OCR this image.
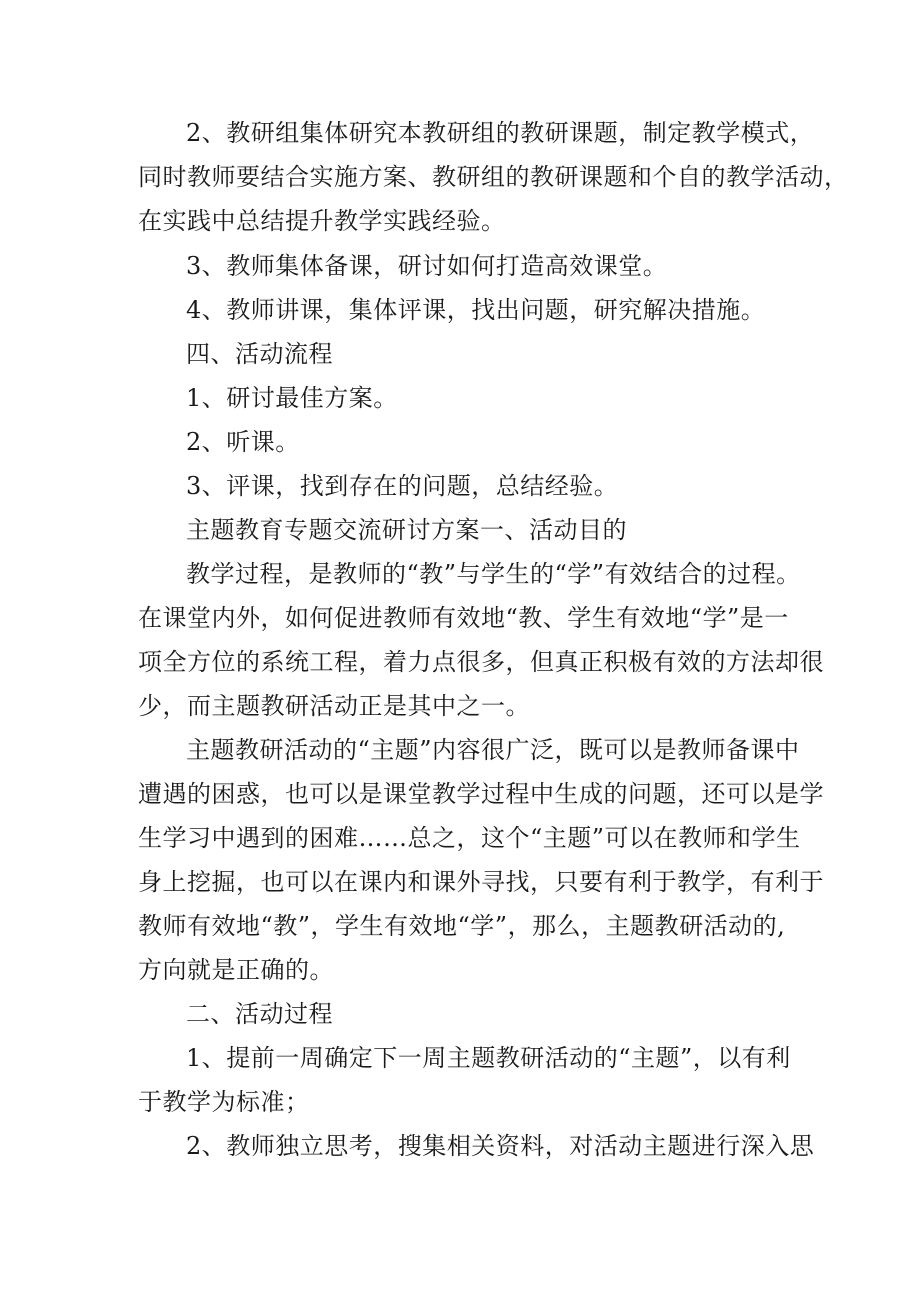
2、教研组集体研究本教研组的教研课题，制定教学模式，
同时教师要结合实施方案、教研组的教研课题和个自的教学活动，
在实践中总结提升教学实践经验。
3、教师集体备课，研讨如何打造高效课堂。
4、教师讲课，集体评课，找出问题，研究解决措施。
四、活动流程
1、研讨最佳方案。
2、听课。
3、评课，找到存在的问题，总结经验。
主题教育专题交流研讨方案一、活动目的
教学过程，是教师的“教”与学生的“学”有效结合的过程。
在课堂内外，如何促进教师有效地“教、学生有效地“学”是一
项全方位的系统工程，着力点很多，但真正积极有效的方法却很
少，而主题教研活动正是其中之一。
主题教研活动的“主题”内容很广泛，既可以是教师备课中
遭遇的困惑，也可以是课堂教学过程中生成的问题，还可以是学
生学习中遇到的困难……总之，这个“主题”可以在教师和学生
身上挖掘，也可以在课内和课外寻找，只要有利于教学，有利于
教师有效地“教”，学生有效地“学”，那么，主题教研活动的,
方向就是正确的。
二、活动过程
1、提前一周确定下一周主题教研活动的“主题”，以有利
于教学为标准；
2、教师独立思考，搜集相关资料，对活动主题进行深入思
